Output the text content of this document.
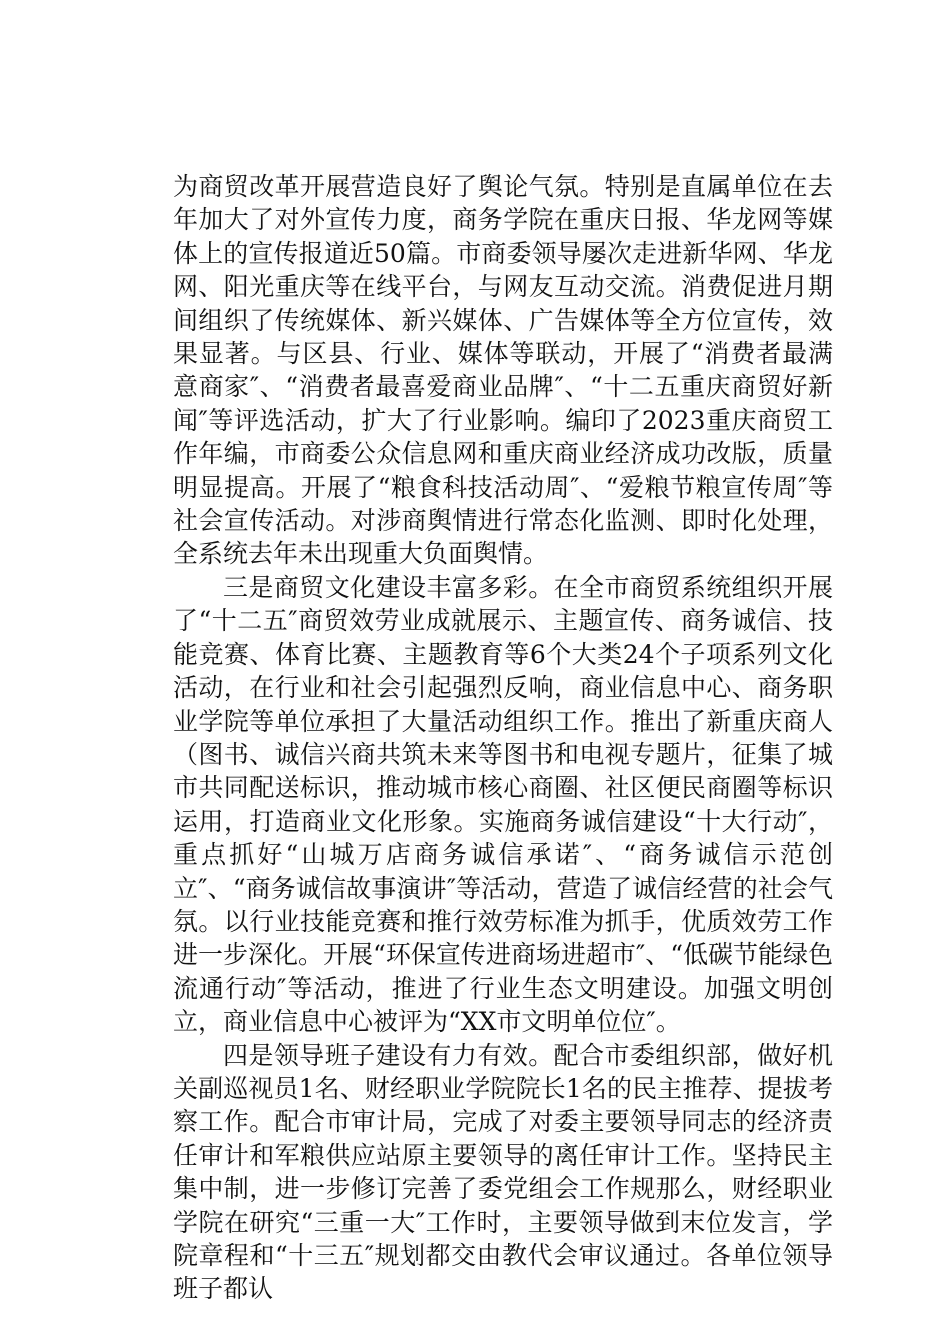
为商贸改革开展营造良好了舆论气氛。特别是直属单位在去年加大了对外宣传力度，商务学院在重庆日报、华龙网等媒体上的宣传报道近50篇。市商委领导屡次走进新华网、华龙网、阳光重庆等在线平台，与网友互动交流。消费促进月期间组织了传统媒体、新兴媒体、广告媒体等全方位宣传，效果显著。与区县、行业、媒体等联动，开展了“消费者最满意商家″、“消费者最喜爱商业品牌″、“十二五重庆商贸好新闻″等评选活动，扩大了行业影响。编印了2023重庆商贸工作年编，市商委公众信息网和重庆商业经济成功改版，质量明显提高。开展了“粮食科技活动周″、“爱粮节粮宣传周″等社会宣传活动。对涉商舆情进行常态化监测、即时化处理，全系统去年未出现重大负面舆情。

三是商贸文化建设丰富多彩。在全市商贸系统组织开展了“十二五″商贸效劳业成就展示、主题宣传、商务诚信、技能竞赛、体育比赛、主题教育等6个大类24个子项系列文化活动，在行业和社会引起强烈反响，商业信息中心、商务职业学院等单位承担了大量活动组织工作。推出了新重庆商人（图书、诚信兴商共筑未来等图书和电视专题片，征集了城市共同配送标识，推动城市核心商圈、社区便民商圈等标识运用，打造商业文化形象。实施商务诚信建设“十大行动″，重点抓好“山城万店商务诚信承诺″、“商务诚信示范创立″、“商务诚信故事演讲″等活动，营造了诚信经营的社会气氛。以行业技能竞赛和推行效劳标准为抓手，优质效劳工作进一步深化。开展“环保宣传进商场进超市″、“低碳节能绿色流通行动″等活动，推进了行业生态文明建设。加强文明创立，商业信息中心被评为“XX市文明单位位″。

四是领导班子建设有力有效。配合市委组织部，做好机关副巡视员1名、财经职业学院院长1名的民主推荐、提拔考察工作。配合市审计局，完成了对委主要领导同志的经济责任审计和军粮供应站原主要领导的离任审计工作。坚持民主集中制，进一步修订完善了委党组会工作规那么，财经职业学院在研究“三重一大″工作时，主要领导做到末位发言，学院章程和“十三五″规划都交由教代会审议通过。各单位领导班子都认
